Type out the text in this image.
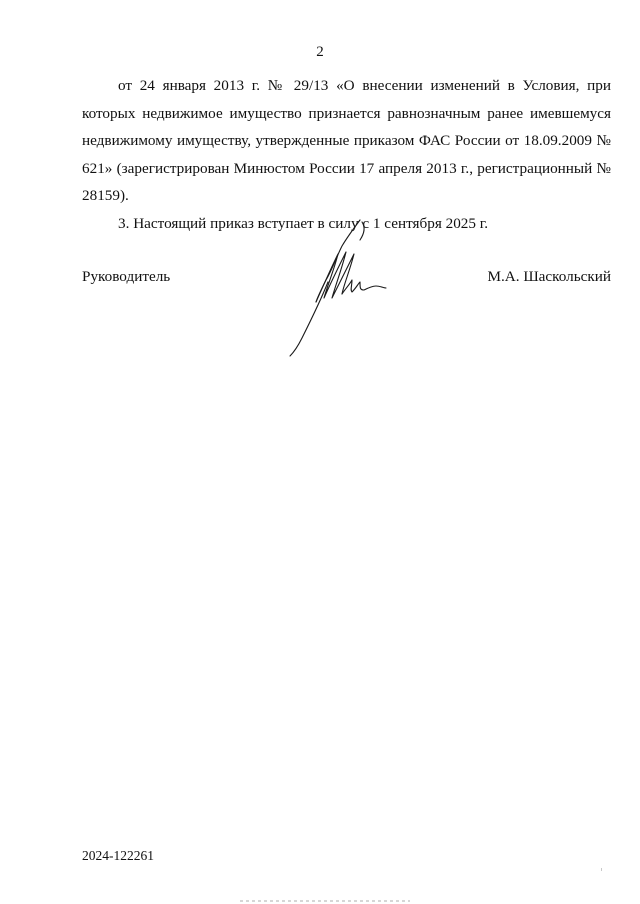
2

от 24 января 2013 г. № 29/13 «О внесении изменений в Условия, при которых недвижимое имущество признается равнозначным ранее имевшемуся недвижимому имуществу, утвержденные приказом ФАС России от 18.09.2009 № 621» (зарегистрирован Минюстом России 17 апреля 2013 г., регистрационный № 28159).

3. Настоящий приказ вступает в силу с 1 сентября 2025 г.

Руководитель	М.А. Шаскольский
2024-122261
